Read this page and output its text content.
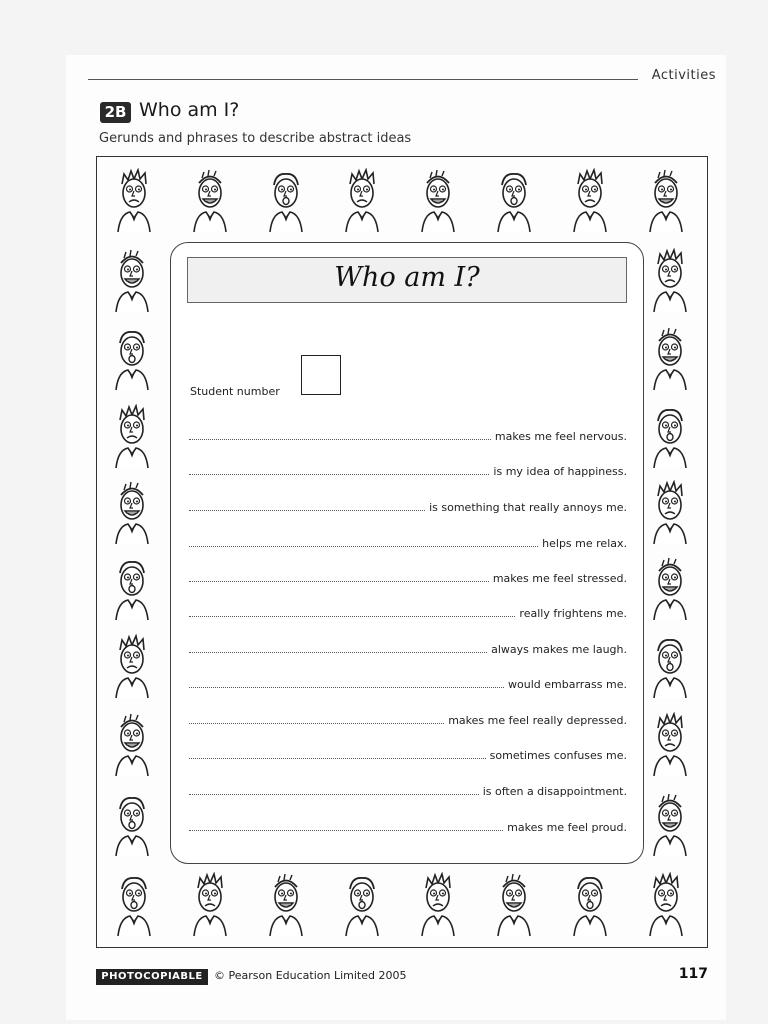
Activities
2B Who am I?
Gerunds and phrases to describe abstract ideas
Who am I?
Student number
makes me feel nervous.
is my idea of happiness.
is something that really annoys me.
helps me relax.
makes me feel stressed.
really frightens me.
always makes me laugh.
would embarrass me.
makes me feel really depressed.
sometimes confuses me.
is often a disappointment.
makes me feel proud.
PHOTOCOPIABLE	© Pearson Education Limited 2005	117
